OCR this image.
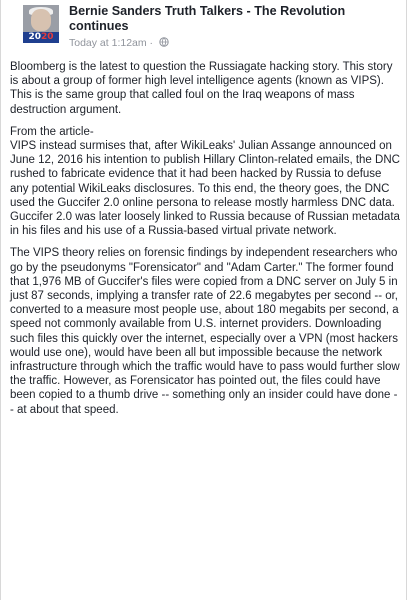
2020
Bernie Sanders Truth Talkers - The Revolution continues
Today at 1:12am ·

Bloomberg is the latest to question the Russiagate hacking story. This story is about a group of former high level intelligence agents (known as VIPS). This is the same group that called foul on the Iraq weapons of mass destruction argument.

From the article-
VIPS instead surmises that, after WikiLeaks' Julian Assange announced on June 12, 2016 his intention to publish Hillary Clinton-related emails, the DNC rushed to fabricate evidence that it had been hacked by Russia to defuse any potential WikiLeaks disclosures. To this end, the theory goes, the DNC used the Guccifer 2.0 online persona to release mostly harmless DNC data. Guccifer 2.0 was later loosely linked to Russia because of Russian metadata in his files and his use of a Russia-based virtual private network.

The VIPS theory relies on forensic findings by independent researchers who go by the pseudonyms "Forensicator" and "Adam Carter." The former found that 1,976 MB of Guccifer's files were copied from a DNC server on July 5 in just 87 seconds, implying a transfer rate of 22.6 megabytes per second -- or, converted to a measure most people use, about 180 megabits per second, a speed not commonly available from U.S. internet providers. Downloading such files this quickly over the internet, especially over a VPN (most hackers would use one), would have been all but impossible because the network infrastructure through which the traffic would have to pass would further slow the traffic. However, as Forensicator has pointed out, the files could have been copied to a thumb drive -- something only an insider could have done -- at about that speed.
